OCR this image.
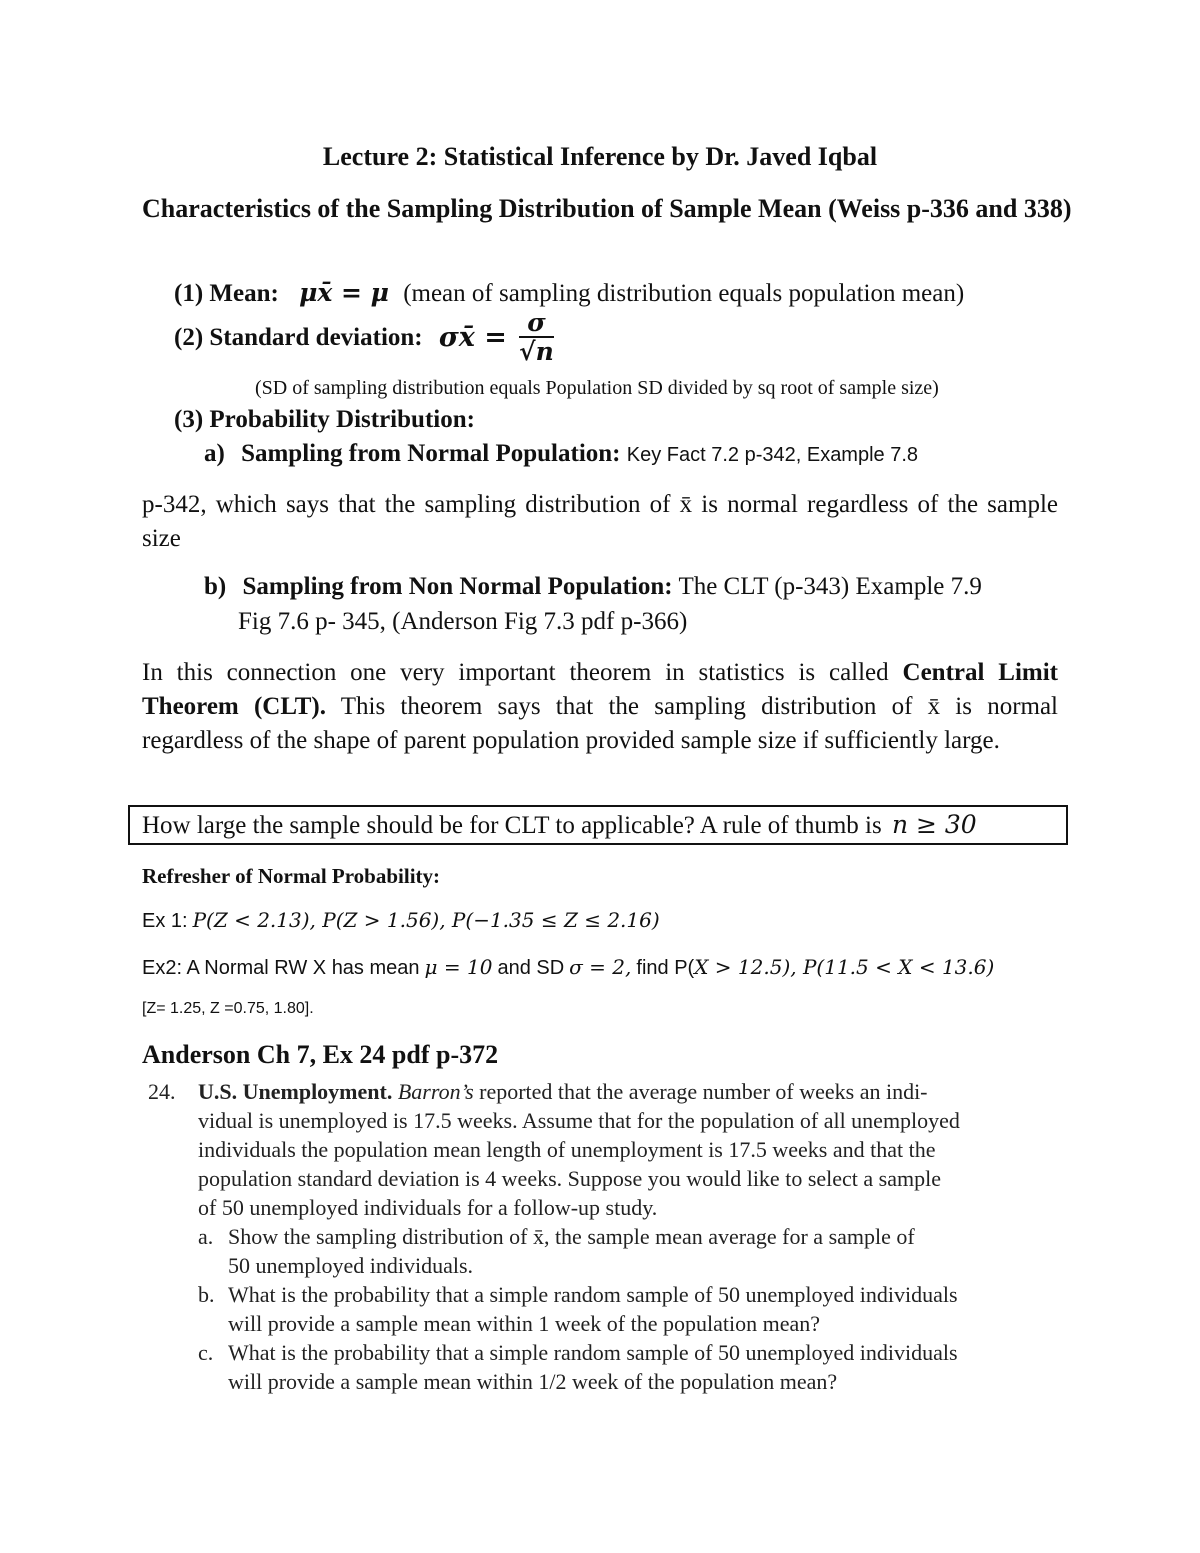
Lecture 2: Statistical Inference by Dr. Javed Iqbal
Characteristics of the Sampling Distribution of Sample Mean (Weiss p-336 and 338)
(1) Mean: μx̄ = μ (mean of sampling distribution equals population mean)
(2) Standard deviation: σx̄ = $\frac{\sigma}{√n}$
(SD of sampling distribution equals Population SD divided by sq root of sample size)
(3) Probability Distribution:
a) Sampling from Normal Population: Key Fact 7.2 p-342, Example 7.8
p-342, which says that the sampling distribution of x̄ is normal regardless of the sample size
b) Sampling from Non Normal Population: The CLT (p-343) Example 7.9
Fig 7.6 p- 345, (Anderson Fig 7.3 pdf p-366)
In this connection one very important theorem in statistics is called Central Limit Theorem (CLT). This theorem says that the sampling distribution of x̄ is normal regardless of the shape of parent population provided sample size if sufficiently large.
How large the sample should be for CLT to applicable? A rule of thumb is n ≥ 30
Refresher of Normal Probability:
Ex 1: P(Z < 2.13), P(Z > 1.56), P(−1.35 ≤ Z ≤ 2.16)
Ex2: A Normal RW X has mean μ = 10 and SD σ = 2, find P(X > 12.5), P(11.5 < X < 13.6)
[Z= 1.25, Z =0.75, 1.80].
Anderson Ch 7, Ex 24 pdf p-372
24. U.S. Unemployment. Barron’s reported that the average number of weeks an indi-
vidual is unemployed is 17.5 weeks. Assume that for the population of all unemployed
individuals the population mean length of unemployment is 17.5 weeks and that the
population standard deviation is 4 weeks. Suppose you would like to select a sample
of 50 unemployed individuals for a follow-up study.
a. Show the sampling distribution of x̄, the sample mean average for a sample of
50 unemployed individuals.
b. What is the probability that a simple random sample of 50 unemployed individuals
will provide a sample mean within 1 week of the population mean?
c. What is the probability that a simple random sample of 50 unemployed individuals
will provide a sample mean within 1/2 week of the population mean?
